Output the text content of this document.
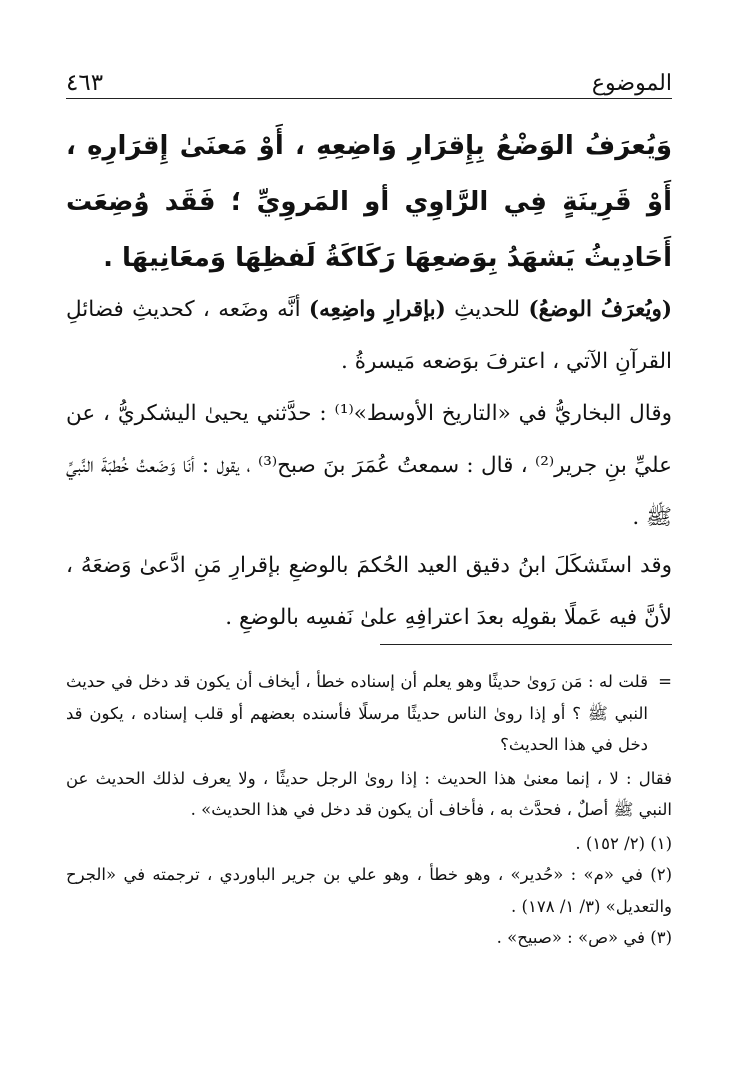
الموضوع
٤٦٣
وَيُعرَفُ الوَضْعُ بِإِقرَارِ وَاضِعِهِ ، أَوْ مَعنَىٰ إِقرَارِهِ ، أَوْ قَرِينَةٍ فِي الرَّاوِي أو المَروِيِّ ؛ فَقَد وُضِعَت أَحَادِيثُ يَشهَدُ بِوَضعِهَا رَكَاكَةُ لَفظِهَا وَمعَانِيهَا .
(ويُعرَفُ الوضعُ) للحديثِ (بإقرارِ واضِعِه) أنَّه وضَعه ، كحديثِ فضائلِ القرآنِ الآتي ، اعترفَ بوَضعه مَيسرةُ .
وقال البخاريُّ في «التاريخ الأوسط»⁽¹⁾ : حدَّثني يحيىٰ اليشكريُّ ، عن عليِّ بنِ جرير⁽²⁾ ، قال : سمعتُ عُمَرَ بنَ صبح⁽³⁾ ، يقول : أنَا وَضَعتُ خُطبَةَ النَّبيِّ ﷺ .
وقد استَشكَلَ ابنُ دقيق العيد الحُكمَ بالوضعِ بإقرارِ مَنِ ادَّعىٰ وَضعَهُ ، لأنَّ فيه عَملًا بقولِه بعدَ اعترافِهِ علىٰ نَفسِه بالوضعِ .

=قلت له : مَن رَوىٰ حديثًا وهو يعلم أن إسناده خطأ ، أيخاف أن يكون قد دخل في حديث النبي ﷺ ؟ أو إذا روىٰ الناس حديثًا مرسلًا فأسنده بعضهم أو قلب إسناده ، يكون قد دخل في هذا الحديث؟

فقال : لا ، إنما معنىٰ هذا الحديث : إذا روىٰ الرجل حديثًا ، ولا يعرف لذلك الحديث عن النبي ﷺ أصلٌ ، فحدَّث به ، فأخاف أن يكون قد دخل في هذا الحديث» .

(١) (٢/ ١٥٢) .

(٢) في «م» : «حُدير» ، وهو خطأ ، وهو علي بن جرير الباوردي ، ترجمته في «الجرح والتعديل» (٣/ ١/ ١٧٨) .

(٣) في «ص» : «صبيح» .
